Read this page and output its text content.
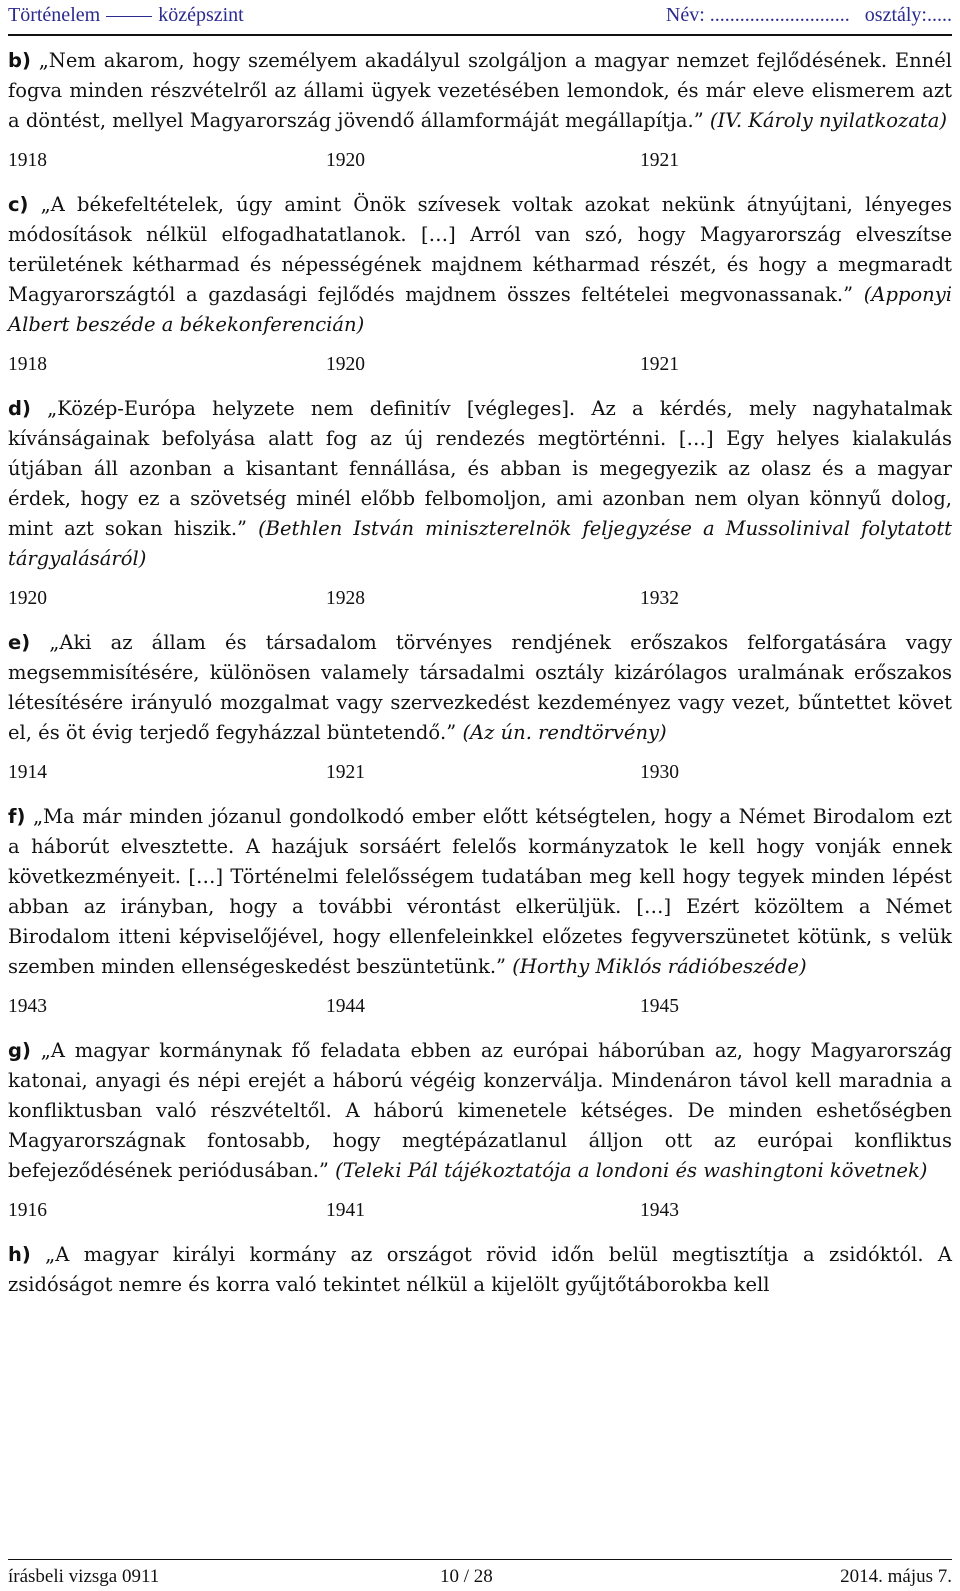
Történelem	középszint	Név: ............................ osztály:.....

b) „Nem akarom, hogy személyem akadályul szolgáljon a magyar nemzet fejlődésének. Ennél fogva minden részvételről az állami ügyek vezetésében lemondok, és már eleve elismerem azt a döntést, mellyel Magyarország jövendő államformáját megállapítja.” (IV. Károly nyilatkozata)

1918	1920	1921

c) „A békefeltételek, úgy amint Önök szívesek voltak azokat nekünk átnyújtani, lényeges módosítások nélkül elfogadhatatlanok. […] Arról van szó, hogy Magyarország elveszítse területének kétharmad és népességének majdnem kétharmad részét, és hogy a megmaradt Magyarországtól a gazdasági fejlődés majdnem összes feltételei megvonassanak.” (Apponyi Albert beszéde a békekonferencián)

1918	1920	1921

d) „Közép-Európa helyzete nem definitív [végleges]. Az a kérdés, mely nagyhatalmak kívánságainak befolyása alatt fog az új rendezés megtörténni. […] Egy helyes kialakulás útjában áll azonban a kisantant fennállása, és abban is megegyezik az olasz és a magyar érdek, hogy ez a szövetség minél előbb felbomoljon, ami azonban nem olyan könnyű dolog, mint azt sokan hiszik.” (Bethlen István miniszterelnök feljegyzése a Mussolinival folytatott tárgyalásáról)

1920	1928	1932

e) „Aki az állam és társadalom törvényes rendjének erőszakos felforgatására vagy megsemmisítésére, különösen valamely társadalmi osztály kizárólagos uralmának erőszakos létesítésére irányuló mozgalmat vagy szervezkedést kezdeményez vagy vezet, bűntettet követ el, és öt évig terjedő fegyházzal büntetendő.” (Az ún. rendtörvény)

1914	1921	1930

f) „Ma már minden józanul gondolkodó ember előtt kétségtelen, hogy a Német Birodalom ezt a háborút elvesztette. A hazájuk sorsáért felelős kormányzatok le kell hogy vonják ennek következményeit. […] Történelmi felelősségem tudatában meg kell hogy tegyek minden lépést abban az irányban, hogy a további vérontást elkerüljük. […] Ezért közöltem a Német Birodalom itteni képviselőjével, hogy ellenfeleinkkel előzetes fegyverszünetet kötünk, s velük szemben minden ellenségeskedést beszüntetünk.” (Horthy Miklós rádióbeszéde)

1943	1944	1945

g) „A magyar kormánynak fő feladata ebben az európai háborúban az, hogy Magyarország katonai, anyagi és népi erejét a háború végéig konzerválja. Mindenáron távol kell maradnia a konfliktusban való részvételtől. A háború kimenetele kétséges. De minden eshetőségben Magyarországnak fontosabb, hogy megtépázatlanul álljon ott az európai konfliktus befejeződésének periódusában.” (Teleki Pál tájékoztatója a londoni és washingtoni követnek)

1916	1941	1943

h) „A magyar királyi kormány az országot rövid időn belül megtisztítja a zsidóktól. A zsidóságot nemre és korra való tekintet nélkül a kijelölt gyűjtőtáborokba kell

írásbeli vizsga 0911	10 / 28	2014. május 7.
